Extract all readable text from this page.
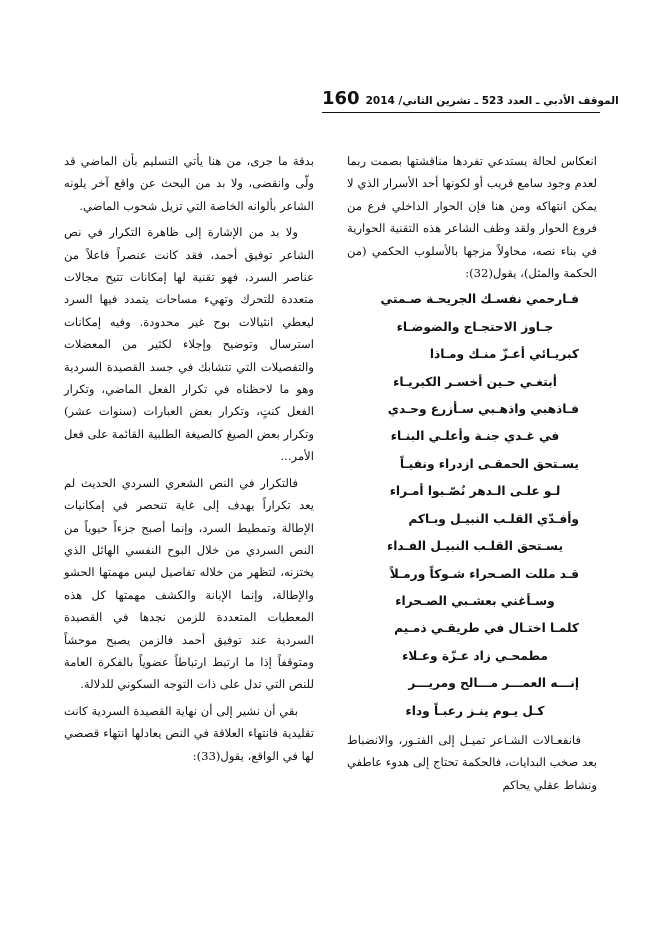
160 الموقف الأدبي ـ العدد 523 ـ تشرين الثاني/ 2014

انعكاس لحالة يستدعي تفردها مناقشتها بصمت ربما لعدم وجود سامع قريب أو لكونها أحد الأسرار الذي لا يمكن انتهاكه ومن هنا فإن الحوار الداخلي فرع من فروع الحوار ولقد وظف الشاعر هذه التقنية الحوارية في بناء نصه، محاولاً مزجها بالأسلوب الحكمي (من الحكمة والمثل)، يقول(32):

فـارحمي نفسـك الجريحـة صـمتي
جـاوز الاحتجـاج والضوضـاء
كبريـائي أعـزّ منـك ومـاذا
أبتغـي حـين أخسـر الكبريـاء
فـاذهبي واذهـبي سـأزرع وحـدي
في غـدي جنـة وأعلـي البنـاء
يسـتحق الحمقـى ازدراء ونفيـاً
لـو علـى الـدهر نُصّـبوا أمـراء
وأفـدّي القلـب النبيـل وبـاكم
يسـتحق القلـب النبيـل الفـداء
قـد مللت الصـحراء شـوكاً ورمـلاً
وسـأغني بعشـبي الصـحراء
كلمـا اختـال في طريقـي ذمـيم
مطمحـي زاد عـزّة وعـلاء
إنـــه العمـــر مـــالح ومريـــر
كـل يـوم ينـز رعبـاً وداء

فانفعـالات الشـاعر تميـل إلى الفتـور، والانضباط بعد صخب البدايات، فالحكمة تحتاج إلى هدوء عاطفي ونشاط عقلي يحاكم

بدقة ما جرى، من هنا يأتي التسليم بأن الماضي قد ولّى وانقضى، ولا بد من البحث عن واقع آخر يلونه الشاعر بألوانه الخاصة التي تزيل شحوب الماضي.

ولا بد من الإشارة إلى ظاهرة التكرار في نص الشاعر توفيق أحمد، فقد كانت عنصراً فاعلاً من عناصر السرد، فهو تقنية لها إمكانات تتيح مجالات متعددة للتحرك وتهيء مساحات يتمدد فيها السرد ليعطي انثيالات بوح غير محدودة. وفيه إمكانات استرسال وتوضيح وإجلاء لكثير من المعضلات والتفصيلات التي تتشابك في جسد القصيدة السردية وهو ما لاحظناه في تكرار الفعل الماضي، وتكرار الفعل كنتٍ، وتكرار بعض العبارات (سنوات عشر) وتكرار بعض الصيغ كالصيغة الطلبية القائمة على فعل الأمر...

فالتكرار في النص الشعري السردي الحديث لم يعد تكراراً يهدف إلى غاية تنحصر في إمكانيات الإطالة وتمطيط السرد، وإنما أصبح جزءاً حيوياً من النص السردي من خلال البوح النفسي الهائل الذي يختزنه، لتظهر من خلاله تفاصيل ليس مهمتها الحشو والإطالة، وإنما الإبانة والكشف مهمتها كل هذه المعطيات المتعددة للزمن نجدها في القصيدة السردية عند توفيق أحمد فالزمن يصبح موحشاً ومتوقفاً إذا ما ارتبط ارتباطاً عضوياً بالفكرة العامة للنص التي تدل على ذات التوجه السكوني للدلالة.

بقي أن نشير إلى أن نهاية القصيدة السردية كانت تقليدية فانتهاء العلاقة في النص يعادلها انتهاء قصصي لها في الواقع، يقول(33):
